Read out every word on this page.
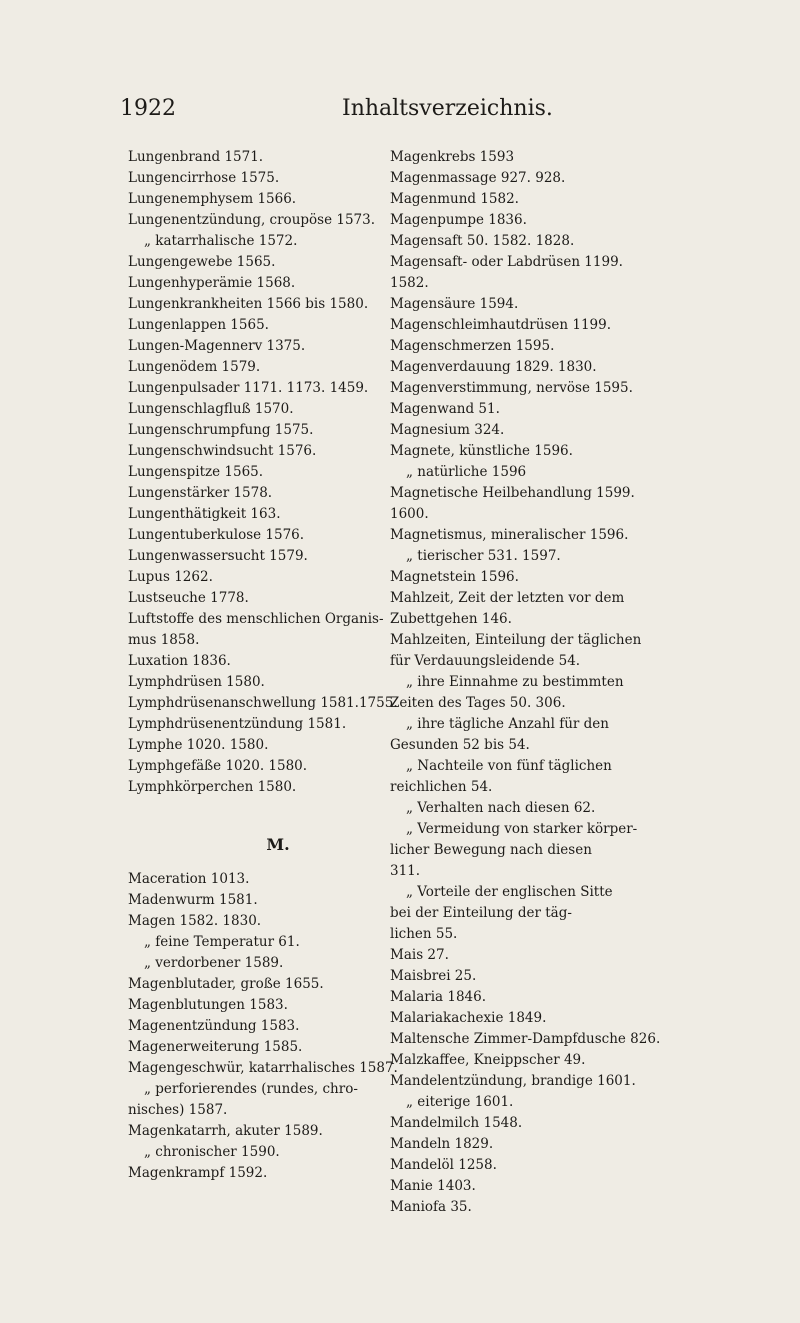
1922	Inhaltsverzeichnis.
Lungenbrand 1571.
Lungencirrhose 1575.
Lungenemphysem 1566.
Lungenentzündung, croupöse 1573.
„ katarrhalische 1572.
Lungengewebe 1565.
Lungenhyperämie 1568.
Lungenkrankheiten 1566 bis 1580.
Lungenlappen 1565.
Lungen-Magennerv 1375.
Lungenödem 1579.
Lungenpulsader 1171. 1173. 1459.
Lungenschlagfluß 1570.
Lungenschrumpfung 1575.
Lungenschwindsucht 1576.
Lungenspitze 1565.
Lungenstärker 1578.
Lungenthätigkeit 163.
Lungentuberkulose 1576.
Lungenwassersucht 1579.
Lupus 1262.
Lustseuche 1778.
Luftstoffe des menschlichen Organis-
mus 1858.
Luxation 1836.
Lymphdrüsen 1580.
Lymphdrüsenanschwellung 1581.1755.
Lymphdrüsenentzündung 1581.
Lymphe 1020. 1580.
Lymphgefäße 1020. 1580.
Lymphkörperchen 1580.
M.
Maceration 1013.
Madenwurm 1581.
Magen 1582. 1830.
„ feine Temperatur 61.
„ verdorbener 1589.
Magenblutader, große 1655.
Magenblutungen 1583.
Magenentzündung 1583.
Magenerweiterung 1585.
Magengeschwür, katarrhalisches 1587.
„ perforierendes (rundes, chro-
nisches) 1587.
Magenkatarrh, akuter 1589.
„ chronischer 1590.
Magenkrampf 1592.
Magenkrebs 1593
Magenmassage 927. 928.
Magenmund 1582.
Magenpumpe 1836.
Magensaft 50. 1582. 1828.
Magensaft- oder Labdrüsen 1199.
1582.
Magensäure 1594.
Magenschleimhautdrüsen 1199.
Magenschmerzen 1595.
Magenverdauung 1829. 1830.
Magenverstimmung, nervöse 1595.
Magenwand 51.
Magnesium 324.
Magnete, künstliche 1596.
„ natürliche 1596
Magnetische Heilbehandlung 1599.
1600.
Magnetismus, mineralischer 1596.
„ tierischer 531. 1597.
Magnetstein 1596.
Mahlzeit, Zeit der letzten vor dem
Zubettgehen 146.
Mahlzeiten, Einteilung der täglichen
für Verdauungsleidende 54.
„ ihre Einnahme zu bestimmten
Zeiten des Tages 50. 306.
„ ihre tägliche Anzahl für den
Gesunden 52 bis 54.
„ Nachteile von fünf täglichen
reichlichen 54.
„ Verhalten nach diesen 62.
„ Vermeidung von starker körper-
licher Bewegung nach diesen
311.
„ Vorteile der englischen Sitte
bei der Einteilung der täg-
lichen 55.
Mais 27.
Maisbrei 25.
Malaria 1846.
Malariakachexie 1849.
Maltensche Zimmer-Dampfdusche 826.
Malzkaffee, Kneippscher 49.
Mandelentzündung, brandige 1601.
„ eiterige 1601.
Mandelmilch 1548.
Mandeln 1829.
Mandelöl 1258.
Manie 1403.
Maniofa 35.
